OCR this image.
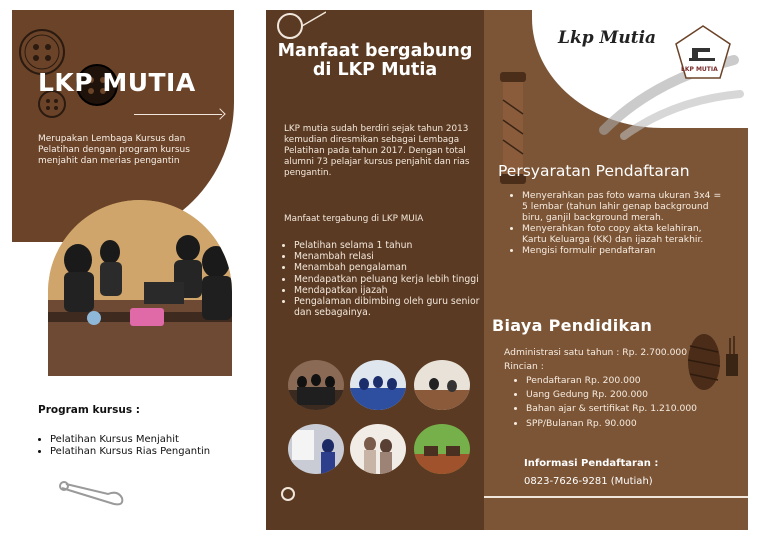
LKP MUTIA
Merupakan Lembaga Kursus dan Pelatihan dengan program kursus menjahit dan merias pengantin
Program kursus :
• Pelatihan Kursus Menjahit
• Pelatihan Kursus Rias Pengantin
Manfaat bergabung di LKP Mutia
LKP mutia sudah berdiri sejak tahun 2013 kemudian diresmikan sebagai Lembaga Pelatihan pada tahun 2017. Dengan total alumni 73 pelajar kursus penjahit dan rias pengantin.
Manfaat tergabung di LKP MUIA
• Pelatihan selama 1 tahun
• Menambah relasi
• Menambah pengalaman
• Mendapatkan peluang kerja lebih tinggi
• Mendapatkan ijazah
• Pengalaman dibimbing oleh guru senior dan sebagainya.
Lkp Mutia
LKP MUTIA
Persyaratan Pendaftaran
• Menyerahkan pas foto warna ukuran 3x4 = 5 lembar (tahun lahir genap background biru, ganjil background merah.
• Menyerahkan foto copy akta kelahiran, Kartu Keluarga (KK) dan ijazah terakhir.
• Mengisi formulir pendaftaran
Biaya Pendidikan
Administrasi satu tahun : Rp. 2.700.000
Rincian :
• Pendaftaran Rp. 200.000
• Uang Gedung Rp. 200.000
• Bahan ajar & sertifikat Rp. 1.210.000
• SPP/Bulanan Rp. 90.000
Informasi Pendaftaran :
0823-7626-9281 (Mutiah)
